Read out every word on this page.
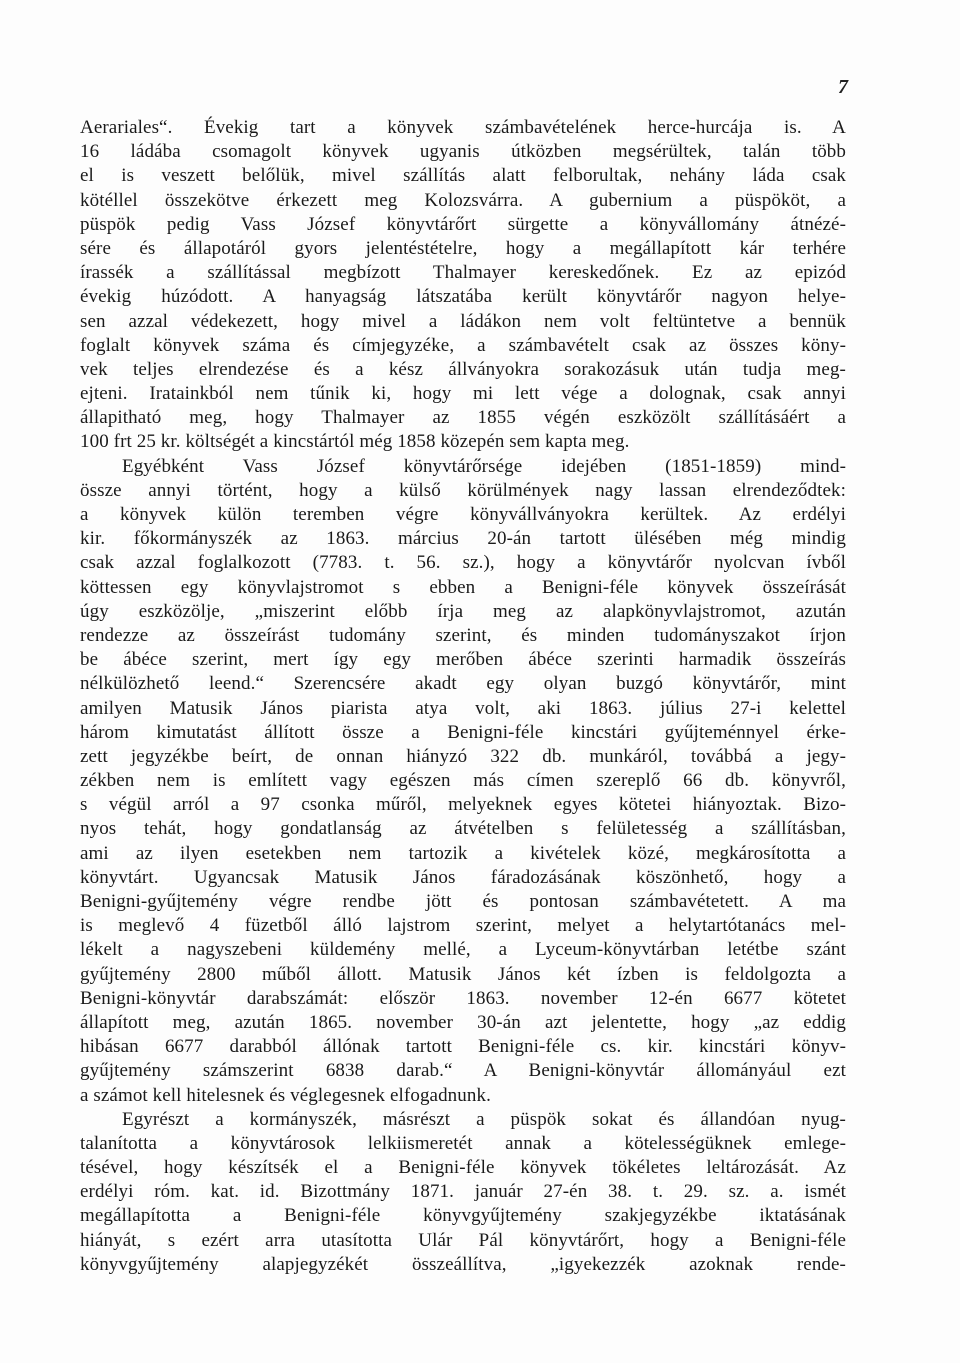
7
Aerariales“. Évekig tart a könyvek számbavételének herce-hurcája is. A
16 ládába csomagolt könyvek ugyanis útközben megsérültek, talán több
el is veszett belőlük, mivel szállítás alatt felborultak, nehány láda csak
kötéllel összekötve érkezett meg Kolozsvárra. A gubernium a püspököt, a
püspök pedig Vass József könyvtárőrt sürgette a könyvállomány átnézé-
sére és állapotáról gyors jelentéstételre, hogy a megállapított kár terhére
írassék a szállítással megbízott Thalmayer kereskedőnek. Ez az epizód
évekig húzódott. A hanyagság látszatába került könyvtárőr nagyon helye-
sen azzal védekezett, hogy mivel a ládákon nem volt feltüntetve a bennük
foglalt könyvek száma és címjegyzéke, a számbavételt csak az összes köny-
vek teljes elrendezése és a kész állványokra sorakozásuk után tudja meg-
ejteni. Iratainkból nem tűnik ki, hogy mi lett vége a dolognak, csak annyi
állapitható meg, hogy Thalmayer az 1855 végén eszközölt szállításáért a
100 frt 25 kr. költségét a kincstártól még 1858 közepén sem kapta meg.
Egyébként Vass József könyvtárőrsége idejében (1851-1859) mind-
össze annyi történt, hogy a külső körülmények nagy lassan elrendeződtek:
a könyvek külön teremben végre könyvállványokra kerültek. Az erdélyi
kir. főkormányszék az 1863. március 20-án tartott ülésében még mindig
csak azzal foglalkozott (7783. t. 56. sz.), hogy a könyvtárőr nyolcvan ívből
köttessen egy könyvlajstromot s ebben a Benigni-féle könyvek összeírását
úgy eszközölje, „miszerint előbb írja meg az alapkönyvlajstromot, azután
rendezze az összeírást tudomány szerint, és minden tudományszakot írjon
be ábéce szerint, mert így egy merőben ábéce szerinti harmadik összeírás
nélkülözhető leend.“ Szerencsére akadt egy olyan buzgó könyvtárőr, mint
amilyen Matusik János piarista atya volt, aki 1863. július 27-i kelettel
három kimutatást állított össze a Benigni-féle kincstári gyűjteménnyel érke-
zett jegyzékbe beírt, de onnan hiányzó 322 db. munkáról, továbbá a jegy-
zékben nem is említett vagy egészen más címen szereplő 66 db. könyvről,
s végül arról a 97 csonka műről, melyeknek egyes kötetei hiányoztak. Bizo-
nyos tehát, hogy gondatlanság az átvételben s felületesség a szállításban,
ami az ilyen esetekben nem tartozik a kivételek közé, megkárosította a
könyvtárt. Ugyancsak Matusik János fáradozásának köszönhető, hogy a
Benigni-gyűjtemény végre rendbe jött és pontosan számbavétetett. A ma
is meglevő 4 füzetből álló lajstrom szerint, melyet a helytartótanács mel-
lékelt a nagyszebeni küldemény mellé, a Lyceum-könyvtárban letétbe szánt
gyűjtemény 2800 műből állott. Matusik János két ízben is feldolgozta a
Benigni-könyvtár darabszámát: először 1863. november 12-én 6677 kötetet
állapított meg, azután 1865. november 30-án azt jelentette, hogy „az eddig
hibásan 6677 darabból állónak tartott Benigni-féle cs. kir. kincstári könyv-
gyűjtemény számszerint 6838 darab.“ A Benigni-könyvtár állományául ezt
a számot kell hitelesnek és véglegesnek elfogadnunk.
Egyrészt a kormányszék, másrészt a püspök sokat és állandóan nyug-
talanította a könyvtárosok lelkiismeretét annak a kötelességüknek emlege-
tésével, hogy készítsék el a Benigni-féle könyvek tökéletes leltározását. Az
erdélyi róm. kat. id. Bizottmány 1871. január 27-én 38. t. 29. sz. a. ismét
megállapította a Benigni-féle könyvgyűjtemény szakjegyzékbe iktatásának
hiányát, s ezért arra utasította Ulár Pál könyvtárőrt, hogy a Benigni-féle
könyvgyűjtemény alapjegyzékét összeállítva, „igyekezzék azoknak rende-
